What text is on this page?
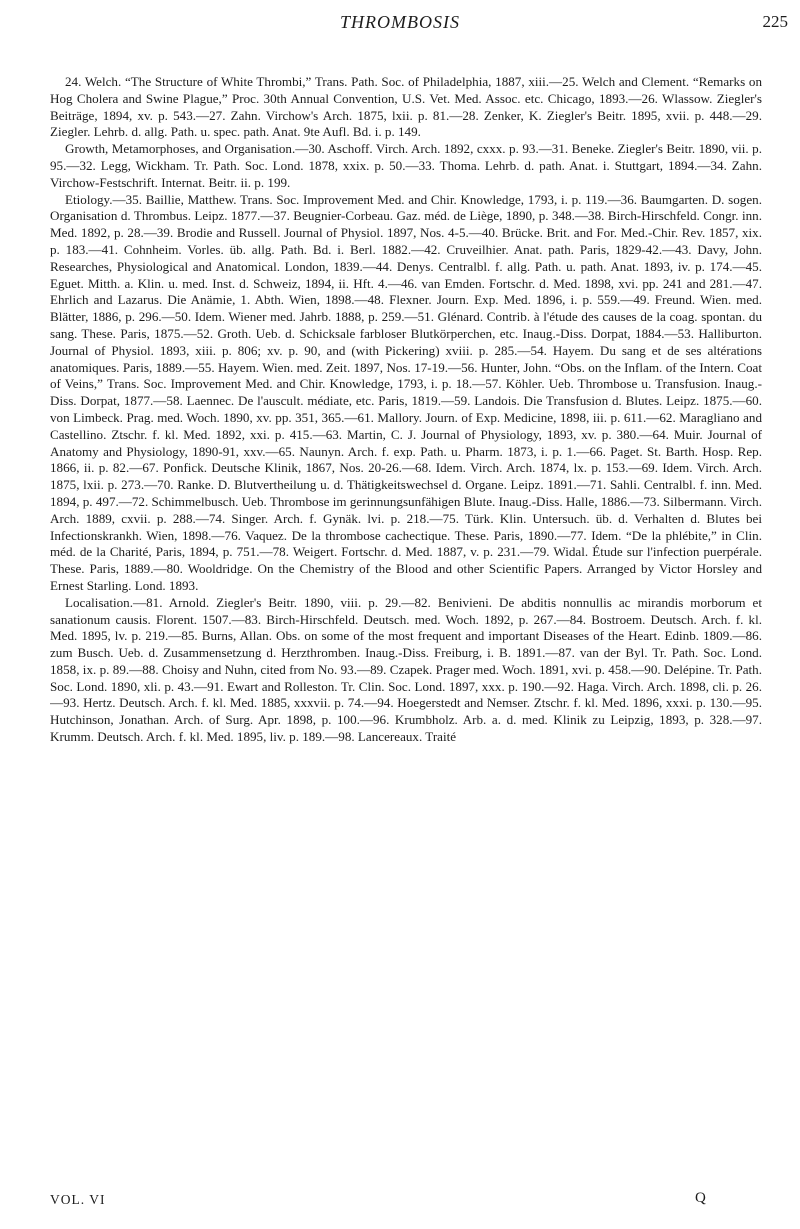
THROMBOSIS	225

24. Welch. “The Structure of White Thrombi,” Trans. Path. Soc. of Philadelphia, 1887, xiii.—25. Welch and Clement. “Remarks on Hog Cholera and Swine Plague,” Proc. 30th Annual Convention, U.S. Vet. Med. Assoc. etc. Chicago, 1893.—26. Wlassow. Ziegler's Beiträge, 1894, xv. p. 543.—27. Zahn. Virchow's Arch. 1875, lxii. p. 81.—28. Zenker, K. Ziegler's Beitr. 1895, xvii. p. 448.—29. Ziegler. Lehrb. d. allg. Path. u. spec. path. Anat. 9te Aufl. Bd. i. p. 149.

Growth, Metamorphoses, and Organisation.—30. Aschoff. Virch. Arch. 1892, cxxx. p. 93.—31. Beneke. Ziegler's Beitr. 1890, vii. p. 95.—32. Legg, Wickham. Tr. Path. Soc. Lond. 1878, xxix. p. 50.—33. Thoma. Lehrb. d. path. Anat. i. Stuttgart, 1894.—34. Zahn. Virchow-Festschrift. Internat. Beitr. ii. p. 199.

Etiology.—35. Baillie, Matthew. Trans. Soc. Improvement Med. and Chir. Knowledge, 1793, i. p. 119.—36. Baumgarten. D. sogen. Organisation d. Thrombus. Leipz. 1877.—37. Beugnier-Corbeau. Gaz. méd. de Liège, 1890, p. 348.—38. Birch-Hirschfeld. Congr. inn. Med. 1892, p. 28.—39. Brodie and Russell. Journal of Physiol. 1897, Nos. 4-5.—40. Brücke. Brit. and For. Med.-Chir. Rev. 1857, xix. p. 183.—41. Cohnheim. Vorles. üb. allg. Path. Bd. i. Berl. 1882.—42. Cruveilhier. Anat. path. Paris, 1829-42.—43. Davy, John. Researches, Physiological and Anatomical. London, 1839.—44. Denys. Centralbl. f. allg. Path. u. path. Anat. 1893, iv. p. 174.—45. Eguet. Mitth. a. Klin. u. med. Inst. d. Schweiz, 1894, ii. Hft. 4.—46. van Emden. Fortschr. d. Med. 1898, xvi. pp. 241 and 281.—47. Ehrlich and Lazarus. Die Anämie, 1. Abth. Wien, 1898.—48. Flexner. Journ. Exp. Med. 1896, i. p. 559.—49. Freund. Wien. med. Blätter, 1886, p. 296.—50. Idem. Wiener med. Jahrb. 1888, p. 259.—51. Glénard. Contrib. à l'étude des causes de la coag. spontan. du sang. These. Paris, 1875.—52. Groth. Ueb. d. Schicksale farbloser Blutkörperchen, etc. Inaug.-Diss. Dorpat, 1884.—53. Halliburton. Journal of Physiol. 1893, xiii. p. 806; xv. p. 90, and (with Pickering) xviii. p. 285.—54. Hayem. Du sang et de ses altérations anatomiques. Paris, 1889.—55. Hayem. Wien. med. Zeit. 1897, Nos. 17-19.—56. Hunter, John. “Obs. on the Inflam. of the Intern. Coat of Veins,” Trans. Soc. Improvement Med. and Chir. Knowledge, 1793, i. p. 18.—57. Köhler. Ueb. Thrombose u. Transfusion. Inaug.-Diss. Dorpat, 1877.—58. Laennec. De l'auscult. médiate, etc. Paris, 1819.—59. Landois. Die Transfusion d. Blutes. Leipz. 1875.—60. von Limbeck. Prag. med. Woch. 1890, xv. pp. 351, 365.—61. Mallory. Journ. of Exp. Medicine, 1898, iii. p. 611.—62. Maragliano and Castellino. Ztschr. f. kl. Med. 1892, xxi. p. 415.—63. Martin, C. J. Journal of Physiology, 1893, xv. p. 380.—64. Muir. Journal of Anatomy and Physiology, 1890-91, xxv.—65. Naunyn. Arch. f. exp. Path. u. Pharm. 1873, i. p. 1.—66. Paget. St. Barth. Hosp. Rep. 1866, ii. p. 82.—67. Ponfick. Deutsche Klinik, 1867, Nos. 20-26.—68. Idem. Virch. Arch. 1874, lx. p. 153.—69. Idem. Virch. Arch. 1875, lxii. p. 273.—70. Ranke. D. Blutvertheilung u. d. Thätigkeitswechsel d. Organe. Leipz. 1891.—71. Sahli. Centralbl. f. inn. Med. 1894, p. 497.—72. Schimmelbusch. Ueb. Thrombose im gerinnungsunfähigen Blute. Inaug.-Diss. Halle, 1886.—73. Silbermann. Virch. Arch. 1889, cxvii. p. 288.—74. Singer. Arch. f. Gynäk. lvi. p. 218.—75. Türk. Klin. Untersuch. üb. d. Verhalten d. Blutes bei Infectionskrankh. Wien, 1898.—76. Vaquez. De la thrombose cachectique. These. Paris, 1890.—77. Idem. “De la phlébite,” in Clin. méd. de la Charité, Paris, 1894, p. 751.—78. Weigert. Fortschr. d. Med. 1887, v. p. 231.—79. Widal. Étude sur l'infection puerpérale. These. Paris, 1889.—80. Wooldridge. On the Chemistry of the Blood and other Scientific Papers. Arranged by Victor Horsley and Ernest Starling. Lond. 1893.

Localisation.—81. Arnold. Ziegler's Beitr. 1890, viii. p. 29.—82. Benivieni. De abditis nonnullis ac mirandis morborum et sanationum causis. Florent. 1507.—83. Birch-Hirschfeld. Deutsch. med. Woch. 1892, p. 267.—84. Bostroem. Deutsch. Arch. f. kl. Med. 1895, lv. p. 219.—85. Burns, Allan. Obs. on some of the most frequent and important Diseases of the Heart. Edinb. 1809.—86. zum Busch. Ueb. d. Zusammensetzung d. Herzthromben. Inaug.-Diss. Freiburg, i. B. 1891.—87. van der Byl. Tr. Path. Soc. Lond. 1858, ix. p. 89.—88. Choisy and Nuhn, cited from No. 93.—89. Czapek. Prager med. Woch. 1891, xvi. p. 458.—90. Delépine. Tr. Path. Soc. Lond. 1890, xli. p. 43.—91. Ewart and Rolleston. Tr. Clin. Soc. Lond. 1897, xxx. p. 190.—92. Haga. Virch. Arch. 1898, cli. p. 26.—93. Hertz. Deutsch. Arch. f. kl. Med. 1885, xxxvii. p. 74.—94. Hoegerstedt and Nemser. Ztschr. f. kl. Med. 1896, xxxi. p. 130.—95. Hutchinson, Jonathan. Arch. of Surg. Apr. 1898, p. 100.—96. Krumbholz. Arb. a. d. med. Klinik zu Leipzig, 1893, p. 328.—97. Krumm. Deutsch. Arch. f. kl. Med. 1895, liv. p. 189.—98. Lancereaux. Traité

VOL. VI	Q
